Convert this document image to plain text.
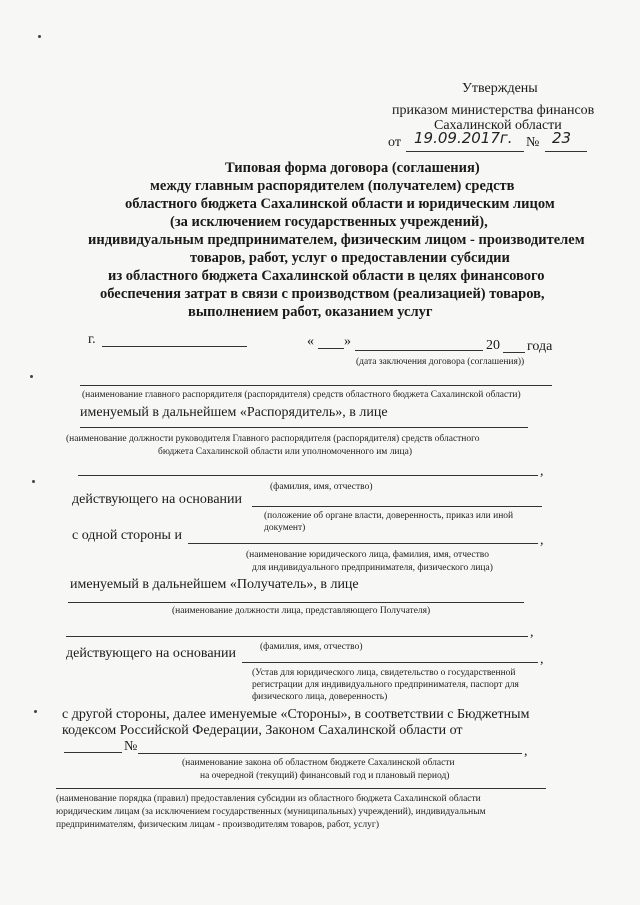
Утверждены
приказом министерства финансов
Сахалинской области
от 19.09.2017г. № 23
Типовая форма договора (соглашения)
между главным распорядителем (получателем) средств
областного бюджета Сахалинской области и юридическим лицом
(за исключением государственных учреждений),
индивидуальным предпринимателем, физическим лицом - производителем
товаров, работ, услуг о предоставлении субсидии
из областного бюджета Сахалинской области в целях финансового
обеспечения затрат в связи с производством (реализацией) товаров,
выполнением работ, оказанием услуг
г.	« »	20 года
(дата заключения договора (соглашения))
(наименование главного распорядителя (распорядителя) средств областного бюджета Сахалинской области)
именуемый в дальнейшем «Распорядитель», в лице
(наименование должности руководителя Главного распорядителя (распорядителя) средств областного
бюджета Сахалинской области или уполномоченного им лица)
,
(фамилия, имя, отчество)
действующего на основании
(положение об органе власти, доверенность, приказ или иной
документ)
с одной стороны и	,
(наименование юридического лица, фамилия, имя, отчество
для индивидуального предпринимателя, физического лица)
именуемый в дальнейшем «Получатель», в лице
(наименование должности лица, представляющего Получателя)
,
(фамилия, имя, отчество)
действующего на основании	,
(Устав для юридического лица, свидетельство о государственной
регистрации для индивидуального предпринимателя, паспорт для
физического лица, доверенность)
с другой стороны, далее именуемые «Стороны», в соответствии с Бюджетным
кодексом Российской Федерации, Законом Сахалинской области от
№	,
(наименование закона об областном бюджете Сахалинской области
на очередной (текущий) финансовый год и плановый период)
(наименование порядка (правил) предоставления субсидии из областного бюджета Сахалинской области
юридическим лицам (за исключением государственных (муниципальных) учреждений), индивидуальным
предпринимателям, физическим лицам - производителям товаров, работ, услуг)
